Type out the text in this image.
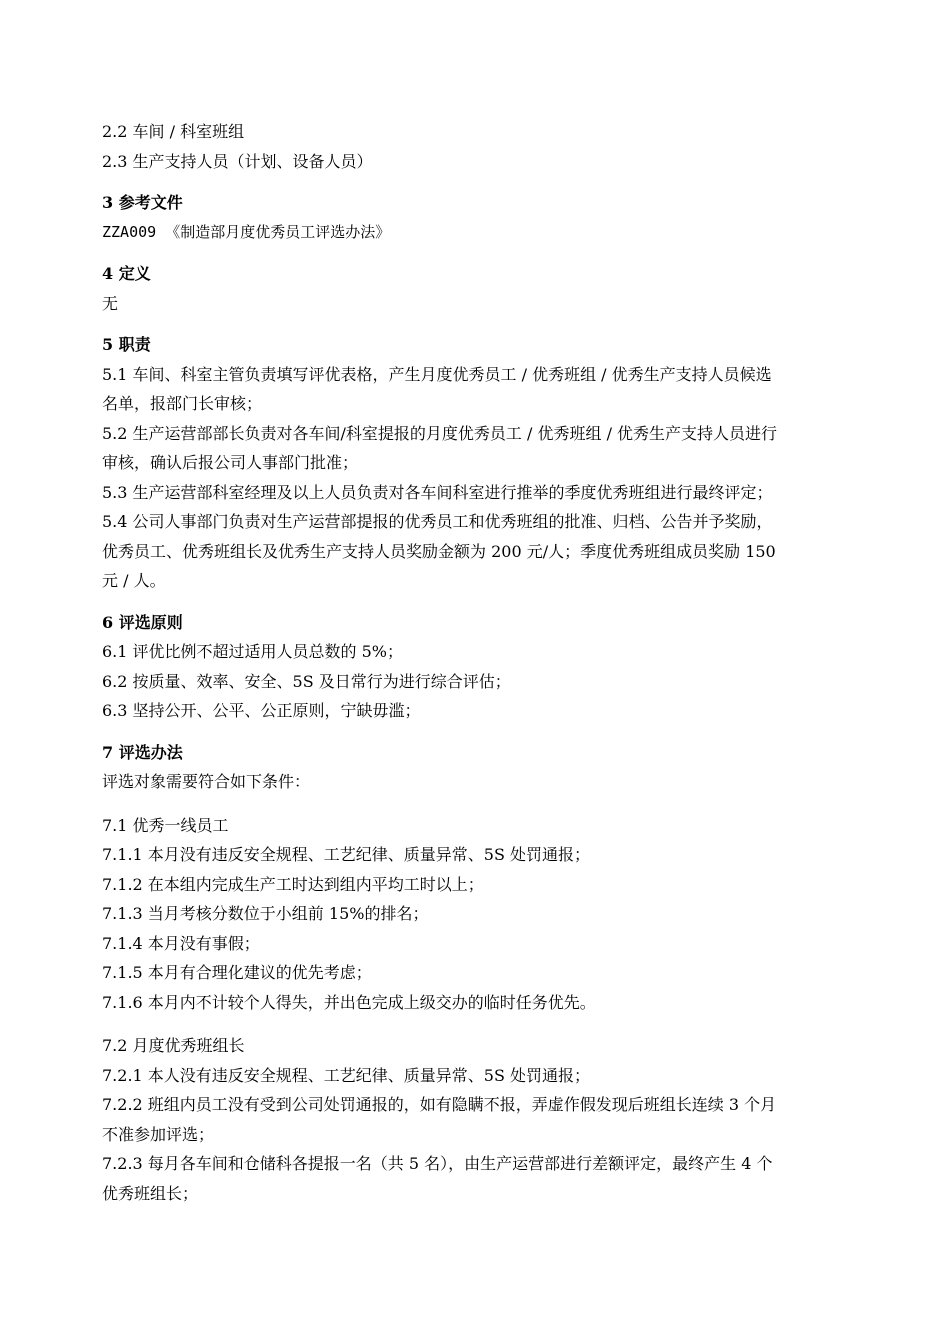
2.2 车间 / 科室班组
2.3 生产支持人员（计划、设备人员）
3 参考文件
ZZA009 《制造部月度优秀员工评选办法》
4 定义
无
5 职责
5.1 车间、科室主管负责填写评优表格，产生月度优秀员工 / 优秀班组 / 优秀生产支持人员候选
名单，报部门长审核；
5.2 生产运营部部长负责对各车间/科室提报的月度优秀员工 / 优秀班组 / 优秀生产支持人员进行
审核，确认后报公司人事部门批准；
5.3 生产运营部科室经理及以上人员负责对各车间科室进行推举的季度优秀班组进行最终评定；
5.4 公司人事部门负责对生产运营部提报的优秀员工和优秀班组的批准、归档、公告并予奖励，
优秀员工、优秀班组长及优秀生产支持人员奖励金额为 200 元/人；季度优秀班组成员奖励 150
元 / 人。
6 评选原则
6.1 评优比例不超过适用人员总数的 5%；
6.2 按质量、效率、安全、5S 及日常行为进行综合评估；
6.3 坚持公开、公平、公正原则，宁缺毋滥；
7 评选办法
评选对象需要符合如下条件：
7.1 优秀一线员工
7.1.1 本月没有违反安全规程、工艺纪律、质量异常、5S 处罚通报；
7.1.2 在本组内完成生产工时达到组内平均工时以上；
7.1.3 当月考核分数位于小组前 15%的排名；
7.1.4 本月没有事假；
7.1.5 本月有合理化建议的优先考虑；
7.1.6 本月内不计较个人得失，并出色完成上级交办的临时任务优先。
7.2 月度优秀班组长
7.2.1 本人没有违反安全规程、工艺纪律、质量异常、5S 处罚通报；
7.2.2 班组内员工没有受到公司处罚通报的，如有隐瞒不报，弄虚作假发现后班组长连续 3 个月
不准参加评选；
7.2.3 每月各车间和仓储科各提报一名（共 5 名），由生产运营部进行差额评定，最终产生 4 个
优秀班组长；
